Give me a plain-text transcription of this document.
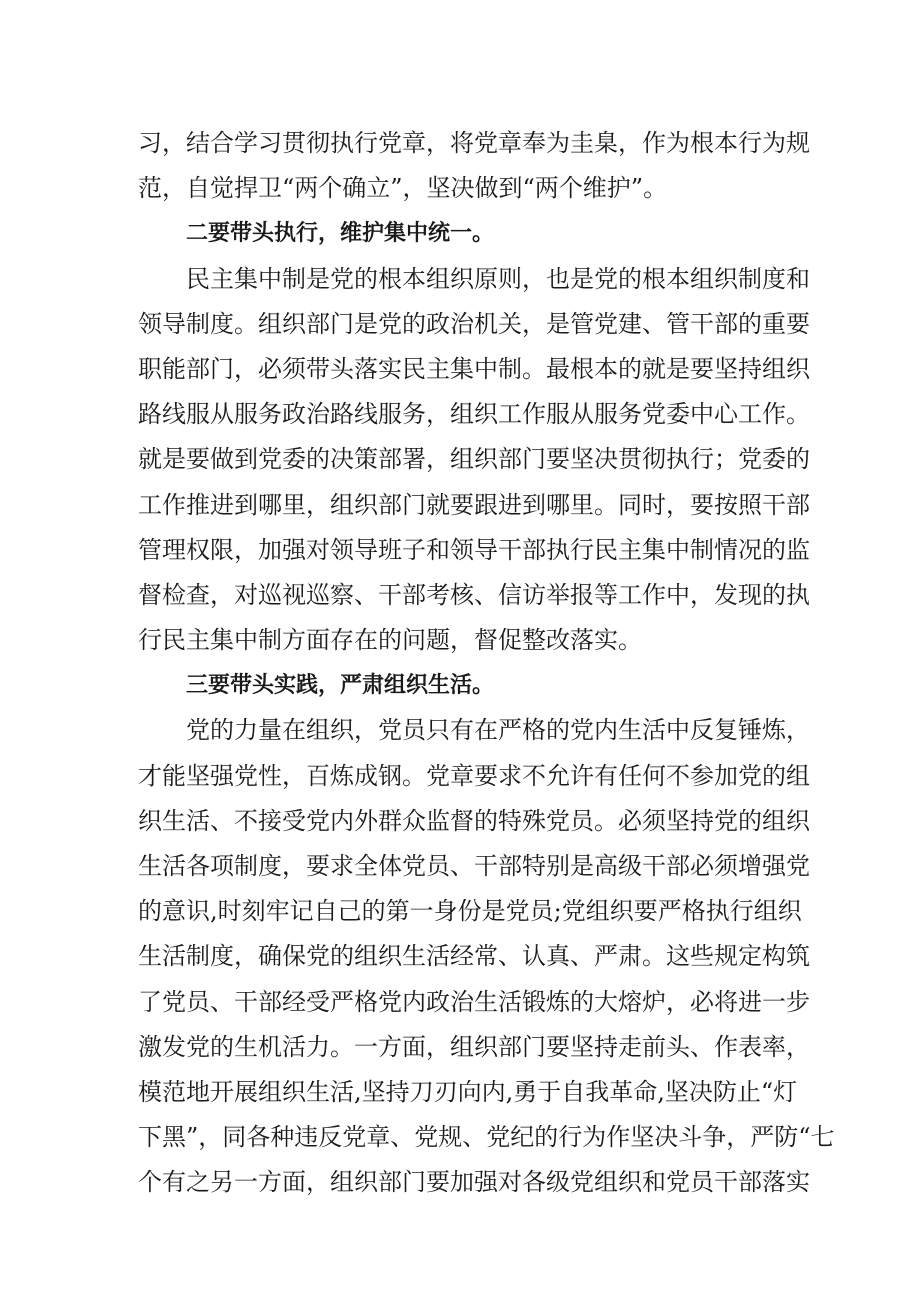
习，结合学习贯彻执行党章，将党章奉为圭臬，作为根本行为规
范，自觉捍卫“两个确立”，坚决做到“两个维护”。
二要带头执行，维护集中统一。
民主集中制是党的根本组织原则，也是党的根本组织制度和
领导制度。组织部门是党的政治机关，是管党建、管干部的重要
职能部门，必须带头落实民主集中制。最根本的就是要坚持组织
路线服从服务政治路线服务，组织工作服从服务党委中心工作。
就是要做到党委的决策部署，组织部门要坚决贯彻执行；党委的
工作推进到哪里，组织部门就要跟进到哪里。同时，要按照干部
管理权限，加强对领导班子和领导干部执行民主集中制情况的监
督检查，对巡视巡察、干部考核、信访举报等工作中，发现的执
行民主集中制方面存在的问题，督促整改落实。
三要带头实践，严肃组织生活。
党的力量在组织，党员只有在严格的党内生活中反复锤炼，
才能坚强党性，百炼成钢。党章要求不允许有任何不参加党的组
织生活、不接受党内外群众监督的特殊党员。必须坚持党的组织
生活各项制度，要求全体党员、干部特别是高级干部必须增强党
的意识,时刻牢记自己的第一身份是党员;党组织要严格执行组织
生活制度，确保党的组织生活经常、认真、严肃。这些规定构筑
了党员、干部经受严格党内政治生活锻炼的大熔炉，必将进一步
激发党的生机活力。一方面，组织部门要坚持走前头、作表率，
模范地开展组织生活,坚持刀刃向内,勇于自我革命,坚决防止“灯
下黑”，同各种违反党章、党规、党纪的行为作坚决斗争，严防“七
个有之另一方面，组织部门要加强对各级党组织和党员干部落实
